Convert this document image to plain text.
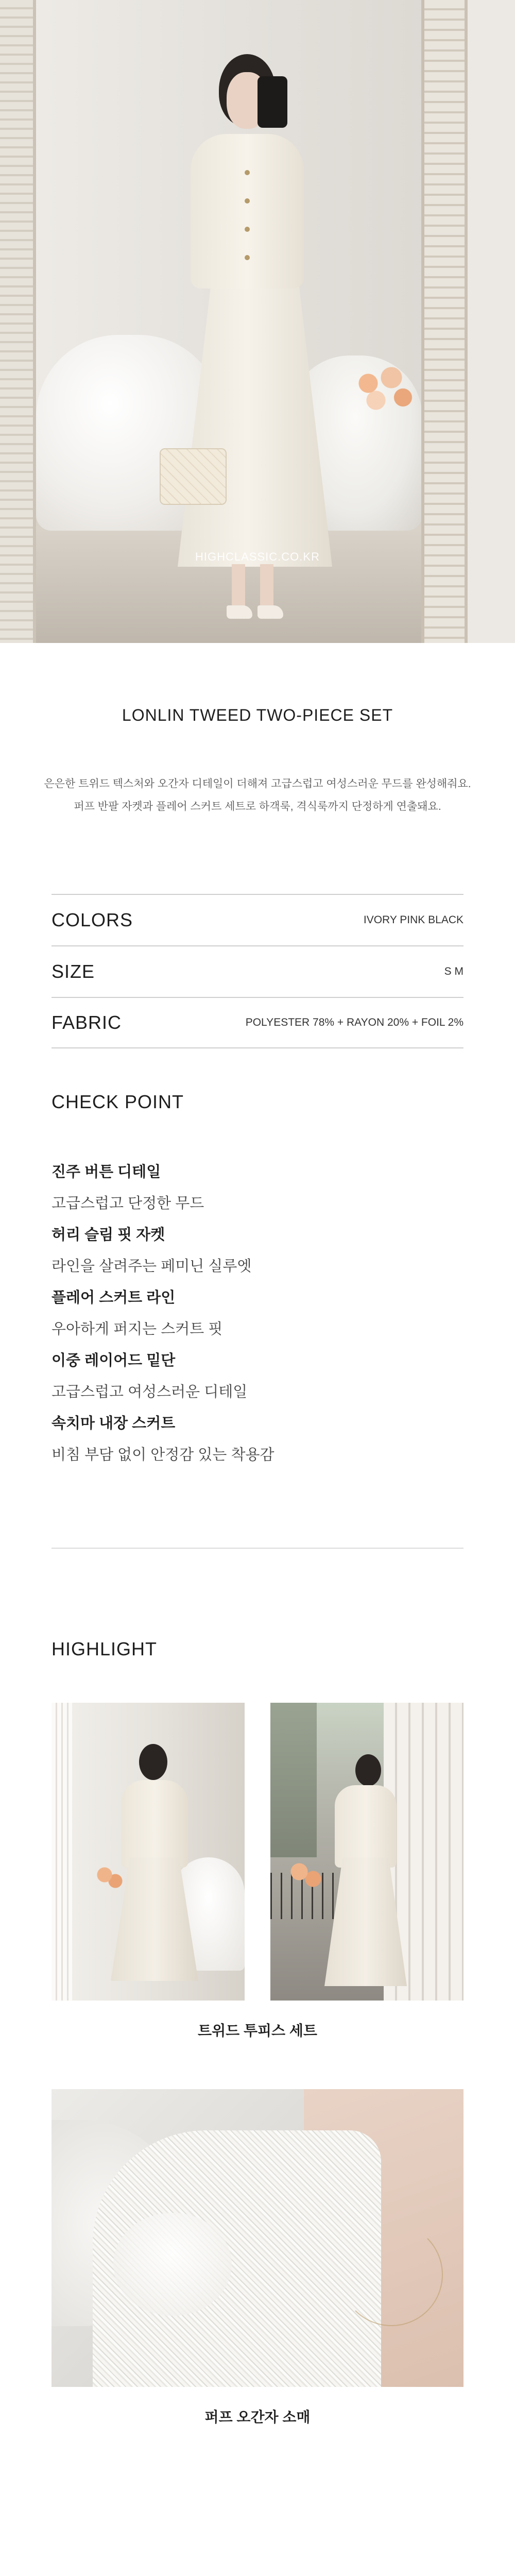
HIGHCLASSIC.CO.KR
LONLIN TWEED TWO-PIECE SET
은은한 트위드 텍스처와 오간자 디테일이 더해져 고급스럽고 여성스러운 무드를 완성해줘요.
퍼프 반팔 자켓과 플레어 스커트 세트로 하객룩, 격식룩까지 단정하게 연출돼요.
COLORS	IVORY PINK BLACK
SIZE	S M
FABRIC	POLYESTER 78% + RAYON 20% + FOIL 2%
CHECK POINT
진주 버튼 디테일
고급스럽고 단정한 무드
허리 슬림 핏 자켓
라인을 살려주는 페미닌 실루엣
플레어 스커트 라인
우아하게 퍼지는 스커트 핏
이중 레이어드 밑단
고급스럽고 여성스러운 디테일
속치마 내장 스커트
비침 부담 없이 안정감 있는 착용감
HIGHLIGHT
트위드 투피스 세트
퍼프 오간자 소매
